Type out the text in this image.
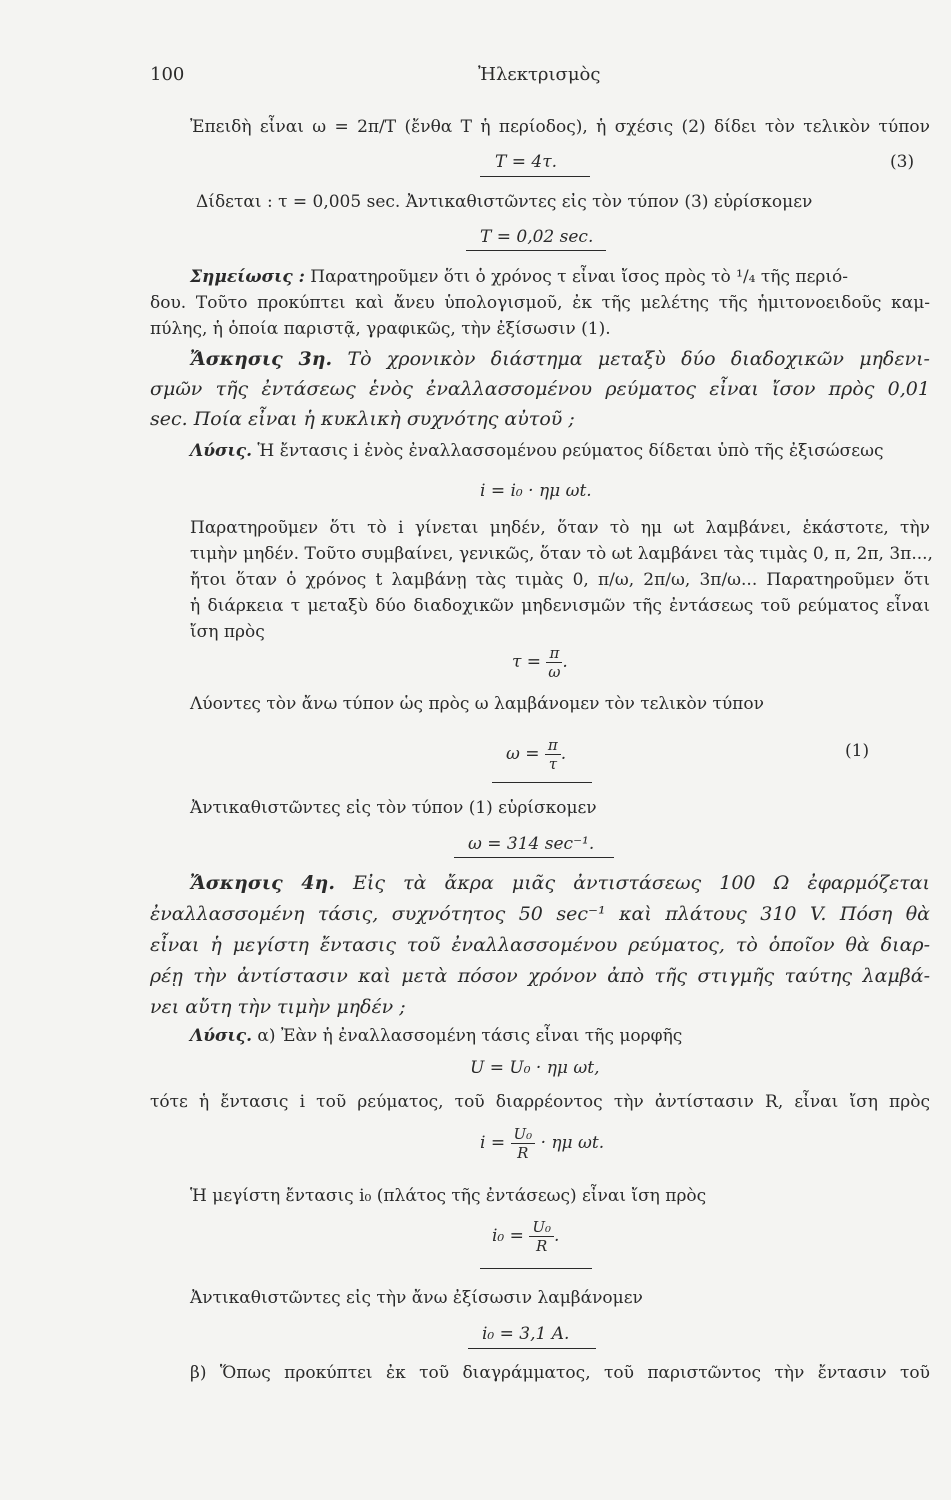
100	Ἠλεκτρισμὸς
Ἐπειδὴ εἶναι ω = 2π/T (ἔνθα T ἡ περίοδος), ἡ σχέσις (2) δίδει τὸν τελικὸν τύπον
T = 4τ.	(3)
Δίδεται : τ = 0,005 sec. Ἀντικαθιστῶντες εἰς τὸν τύπον (3) εὑρίσκομεν
T = 0,02 sec.
Σημείωσις : Παρατηροῦμεν ὅτι ὁ χρόνος τ εἶναι ἴσος πρὸς τὸ ¹/₄ τῆς περιό-
δου. Τοῦτο προκύπτει καὶ ἄνευ ὑπολογισμοῦ, ἐκ τῆς μελέτης τῆς ἡμιτονοειδοῦς καμ-
πύλης, ἡ ὁποία παριστᾷ, γραφικῶς, τὴν ἐξίσωσιν (1).
Ἄσκησις 3η. Τὸ χρονικὸν διάστημα μεταξὺ δύο διαδοχικῶν μηδενι-
σμῶν τῆς ἐντάσεως ἑνὸς ἐναλλασσομένου ρεύματος εἶναι ἴσον πρὸς 0,01
sec. Ποία εἶναι ἡ κυκλικὴ συχνότης αὐτοῦ ;
Λύσις. Ἡ ἔντασις i ἑνὸς ἐναλλασσομένου ρεύματος δίδεται ὑπὸ τῆς ἐξισώσεως
i = i₀ · ημ ωt.
Παρατηροῦμεν ὅτι τὸ i γίνεται μηδέν, ὅταν τὸ ημ ωt λαμβάνει, ἑκάστοτε, τὴν
τιμὴν μηδέν. Τοῦτο συμβαίνει, γενικῶς, ὅταν τὸ ωt λαμβάνει τὰς τιμὰς 0, π, 2π, 3π...,
ἤτοι ὅταν ὁ χρόνος t λαμβάνῃ τὰς τιμὰς 0, π/ω, 2π/ω, 3π/ω... Παρατηροῦμεν ὅτι
ἡ διάρκεια τ μεταξὺ δύο διαδοχικῶν μηδενισμῶν τῆς ἐντάσεως τοῦ ρεύματος εἶναι
ἴση πρὸς
$\tau = \frac{\pi}{\omega}$ .
Λύοντες τὸν ἄνω τύπον ὡς πρὸς ω λαμβάνομεν τὸν τελικὸν τύπον
$\omega = \frac{\pi}{\tau}$ .	(1)
Ἀντικαθιστῶντες εἰς τὸν τύπον (1) εὑρίσκομεν
ω = 314 sec⁻¹.
Ἄσκησις 4η. Εἰς τὰ ἄκρα μιᾶς ἀντιστάσεως 100 Ω ἐφαρμόζεται
ἐναλλασσομένη τάσις, συχνότητος 50 sec⁻¹ καὶ πλάτους 310 V. Πόση θὰ
εἶναι ἡ μεγίστη ἔντασις τοῦ ἐναλλασσομένου ρεύματος, τὸ ὁποῖον θὰ διαρ-
ρέῃ τὴν ἀντίστασιν καὶ μετὰ πόσον χρόνον ἀπὸ τῆς στιγμῆς ταύτης λαμβά-
νει αὔτη τὴν τιμὴν μηδέν ;
Λύσις. α) Ἐὰν ἡ ἐναλλασσομένη τάσις εἶναι τῆς μορφῆς
U = U₀ · ημ ωt,
τότε ἡ ἔντασις i τοῦ ρεύματος, τοῦ διαρρέοντος τὴν ἀντίστασιν R, εἶναι ἴση πρὸς
$i = \frac{\text{U₀}}{R} \cdot \eta\mu$ ωt.
Ἡ μεγίστη ἔντασις i₀ (πλάτος τῆς ἐντάσεως) εἶναι ἴση πρὸς
$i_0 = \frac{\text{U₀}}{R}$ .
Ἀντικαθιστῶντες εἰς τὴν ἄνω ἐξίσωσιν λαμβάνομεν
i₀ = 3,1 A.
β) Ὅπως προκύπτει ἐκ τοῦ διαγράμματος, τοῦ παριστῶντος τὴν ἔντασιν τοῦ
